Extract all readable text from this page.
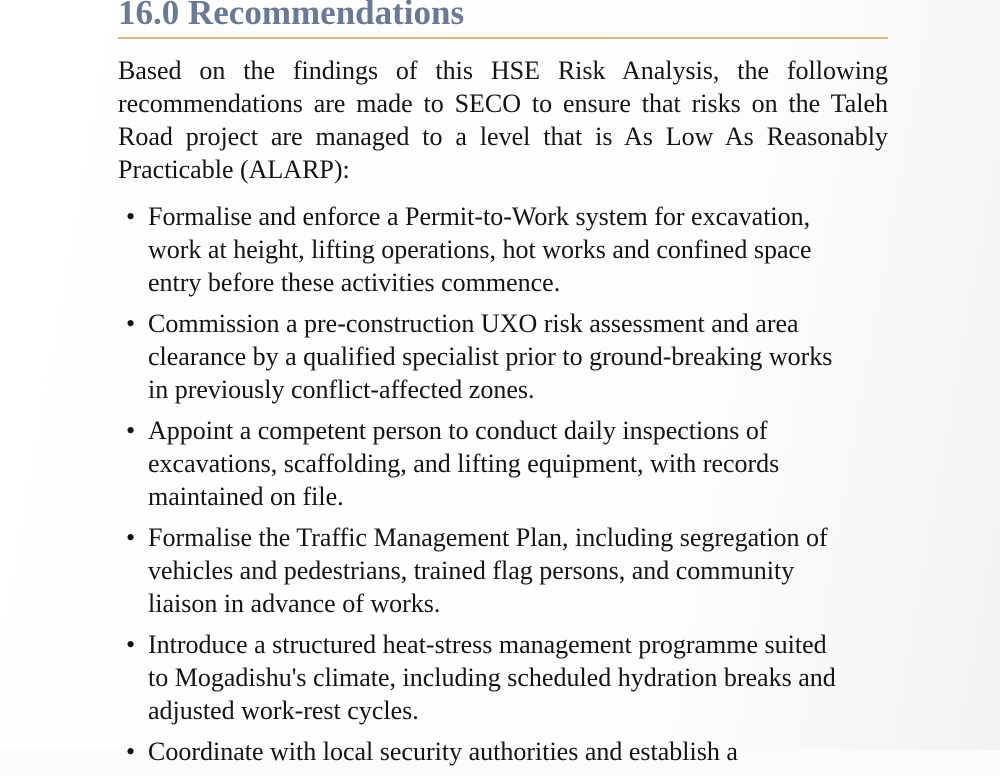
16.0 Recommendations

Based on the findings of this HSE Risk Analysis, the following recommendations are made to SECO to ensure that risks on the Taleh Road project are managed to a level that is As Low As Reasonably Practicable (ALARP):

• Formalise and enforce a Permit-to-Work system for excavation,
work at height, lifting operations, hot works and confined space
entry before these activities commence.
• Commission a pre-construction UXO risk assessment and area
clearance by a qualified specialist prior to ground-breaking works
in previously conflict-affected zones.
• Appoint a competent person to conduct daily inspections of
excavations, scaffolding, and lifting equipment, with records
maintained on file.
• Formalise the Traffic Management Plan, including segregation of
vehicles and pedestrians, trained flag persons, and community
liaison in advance of works.
• Introduce a structured heat-stress management programme suited
to Mogadishu's climate, including scheduled hydration breaks and
adjusted work-rest cycles.
• Coordinate with local security authorities and establish a
